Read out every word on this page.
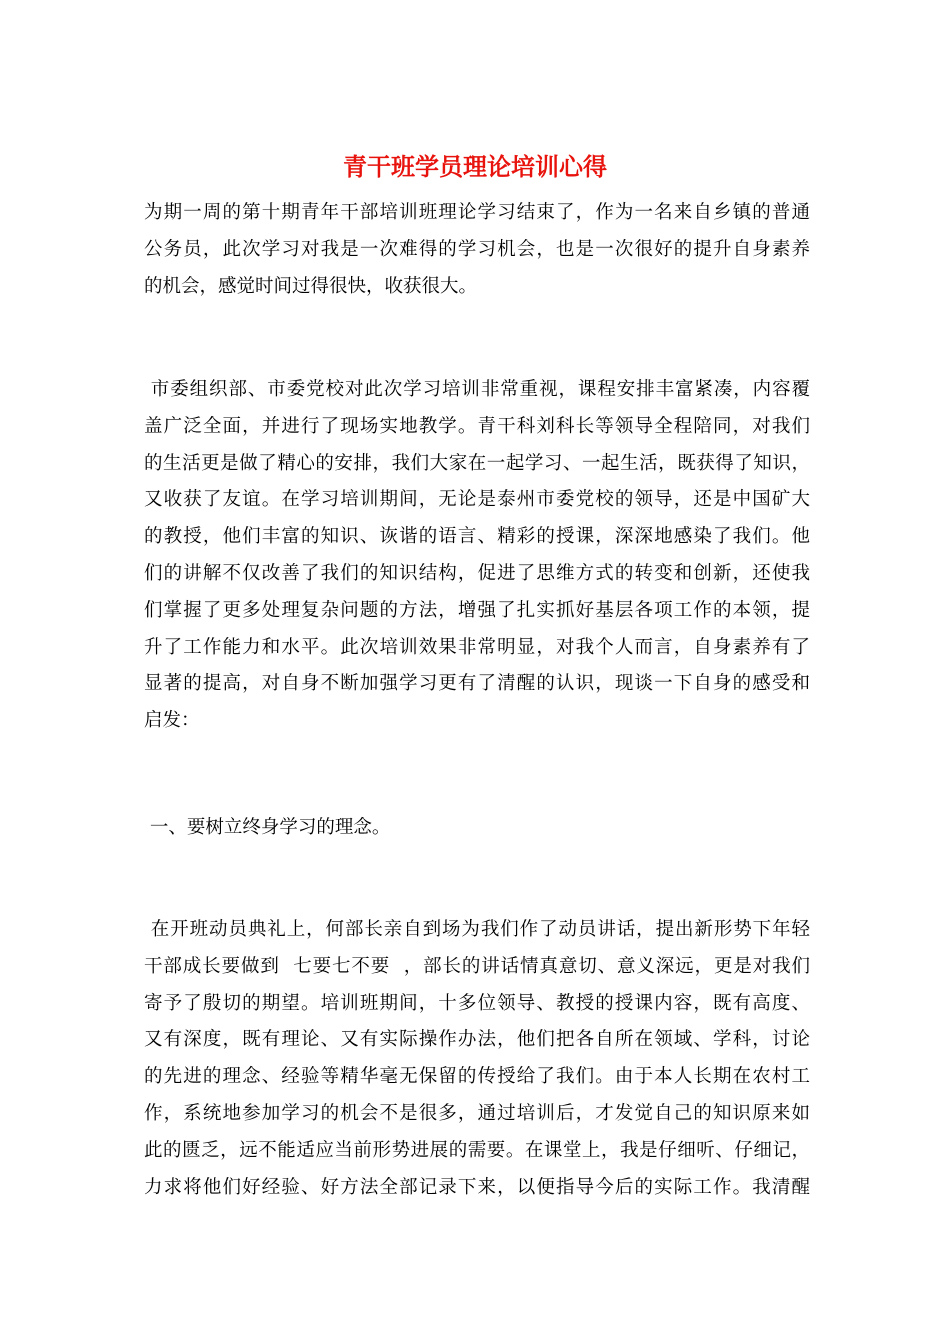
青干班学员理论培训心得
为期一周的第十期青年干部培训班理论学习结束了，作为一名来自乡镇的普通
公务员，此次学习对我是一次难得的学习机会，也是一次很好的提升自身素养
的机会，感觉时间过得很快，收获很大。
市委组织部、市委党校对此次学习培训非常重视，课程安排丰富紧凑，内容覆
盖广泛全面，并进行了现场实地教学。青干科刘科长等领导全程陪同，对我们
的生活更是做了精心的安排，我们大家在一起学习、一起生活，既获得了知识，
又收获了友谊。在学习培训期间，无论是泰州市委党校的领导，还是中国矿大
的教授，他们丰富的知识、诙谐的语言、精彩的授课，深深地感染了我们。他
们的讲解不仅改善了我们的知识结构，促进了思维方式的转变和创新，还使我
们掌握了更多处理复杂问题的方法，增强了扎实抓好基层各项工作的本领，提
升了工作能力和水平。此次培训效果非常明显，对我个人而言，自身素养有了
显著的提高，对自身不断加强学习更有了清醒的认识，现谈一下自身的感受和
启发：
一、要树立终身学习的理念。
在开班动员典礼上，何部长亲自到场为我们作了动员讲话，提出新形势下年轻
干部成长要做到  七要七不要  ，部长的讲话情真意切、意义深远，更是对我们
寄予了殷切的期望。培训班期间，十多位领导、教授的授课内容，既有高度、
又有深度，既有理论、又有实际操作办法，他们把各自所在领域、学科，讨论
的先进的理念、经验等精华毫无保留的传授给了我们。由于本人长期在农村工
作，系统地参加学习的机会不是很多，通过培训后，才发觉自己的知识原来如
此的匮乏，远不能适应当前形势进展的需要。在课堂上，我是仔细听、仔细记，
力求将他们好经验、好方法全部记录下来，以便指导今后的实际工作。我清醒
